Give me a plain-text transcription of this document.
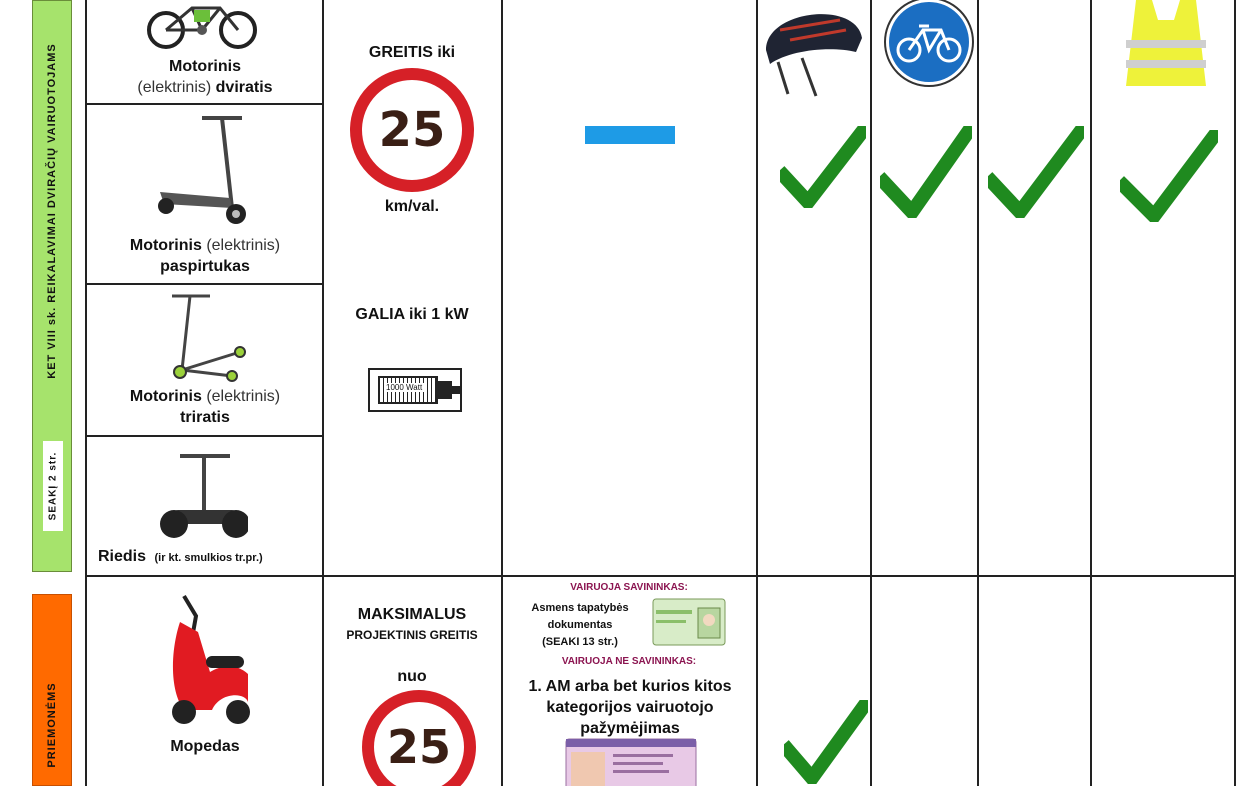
KET VIII sk. REIKALAVIMAI DVIRAČIŲ VAIRUOTOJAMS
SEAKĮ 2 str.
PRIEMONĖMS
Motorinis
(elektrinis) dviratis
Motorinis (elektrinis)
paspirtukas
Motorinis (elektrinis)
triratis
Riedis (ir kt. smulkios tr.pr.)
Mopedas
GREITIS iki
25
km/val.
GALIA iki 1 kW
1000 Watt
MAKSIMALUS
PROJEKTINIS GREITIS
nuo
25
VAIRUOJA SAVININKAS:
Asmens tapatybės dokumentas
(SEAKI 13 str.)
VAIRUOJA NE SAVININKAS:
1. AM arba bet kurios kitos kategorijos vairuotojo pažymėjimas
